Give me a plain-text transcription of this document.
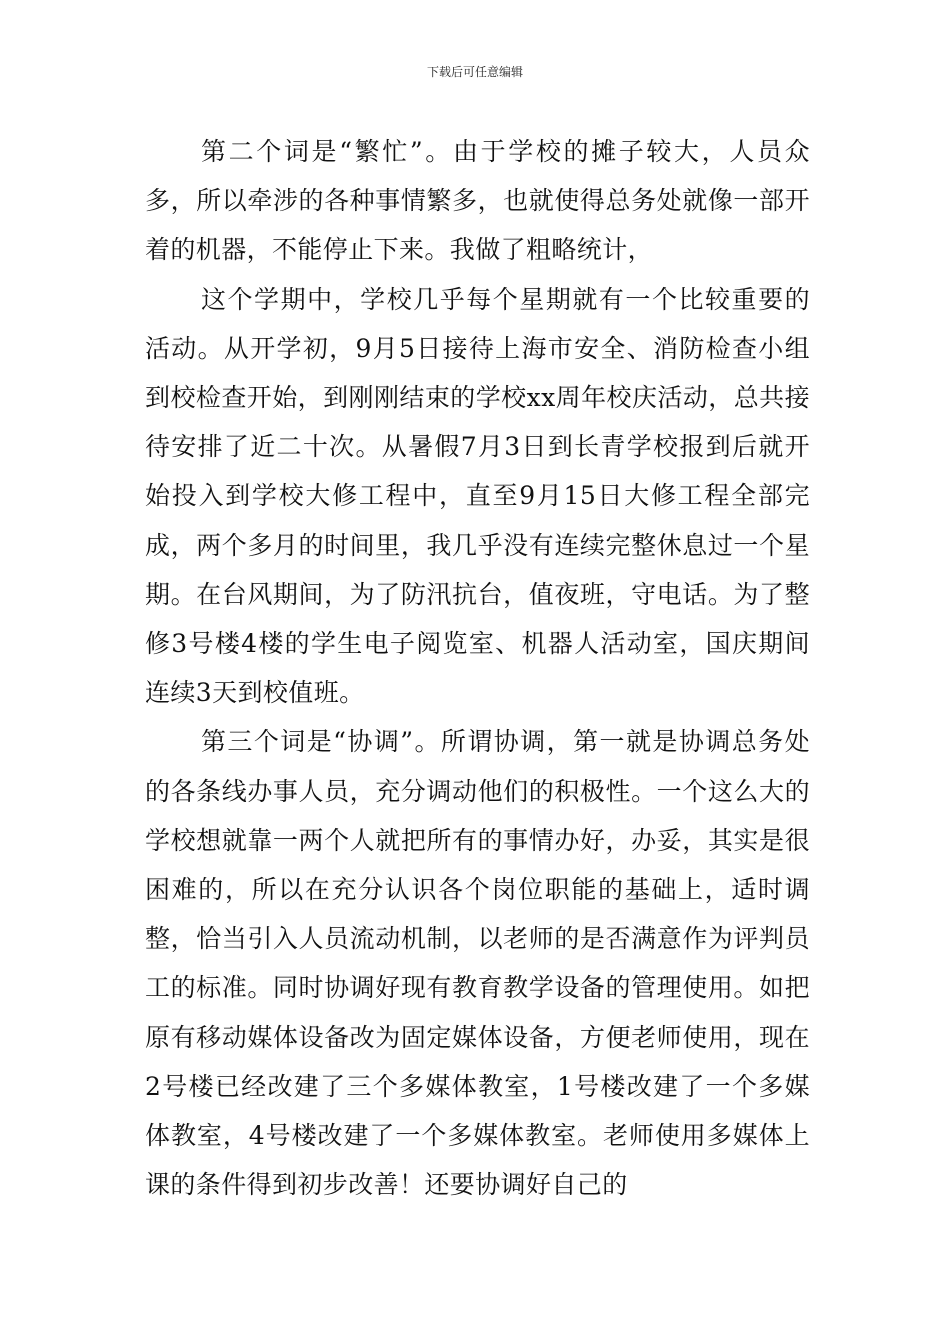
下载后可任意编辑

第二个词是“繁忙”。由于学校的摊子较大，人员众多，所以牵涉的各种事情繁多，也就使得总务处就像一部开着的机器，不能停止下来。我做了粗略统计，

这个学期中，学校几乎每个星期就有一个比较重要的活动。从开学初，9月5日接待上海市安全、消防检查小组到校检查开始，到刚刚结束的学校xx周年校庆活动，总共接待安排了近二十次。从暑假7月3日到长青学校报到后就开始投入到学校大修工程中，直至9月15日大修工程全部完成，两个多月的时间里，我几乎没有连续完整休息过一个星期。在台风期间，为了防汛抗台，值夜班，守电话。为了整修3号楼4楼的学生电子阅览室、机器人活动室，国庆期间连续3天到校值班。

第三个词是“协调”。所谓协调，第一就是协调总务处的各条线办事人员，充分调动他们的积极性。一个这么大的学校想就靠一两个人就把所有的事情办好，办妥，其实是很困难的，所以在充分认识各个岗位职能的基础上，适时调整，恰当引入人员流动机制，以老师的是否满意作为评判员工的标准。同时协调好现有教育教学设备的管理使用。如把原有移动媒体设备改为固定媒体设备，方便老师使用，现在2号楼已经改建了三个多媒体教室，1号楼改建了一个多媒体教室，4号楼改建了一个多媒体教室。老师使用多媒体上课的条件得到初步改善！还要协调好自己的
